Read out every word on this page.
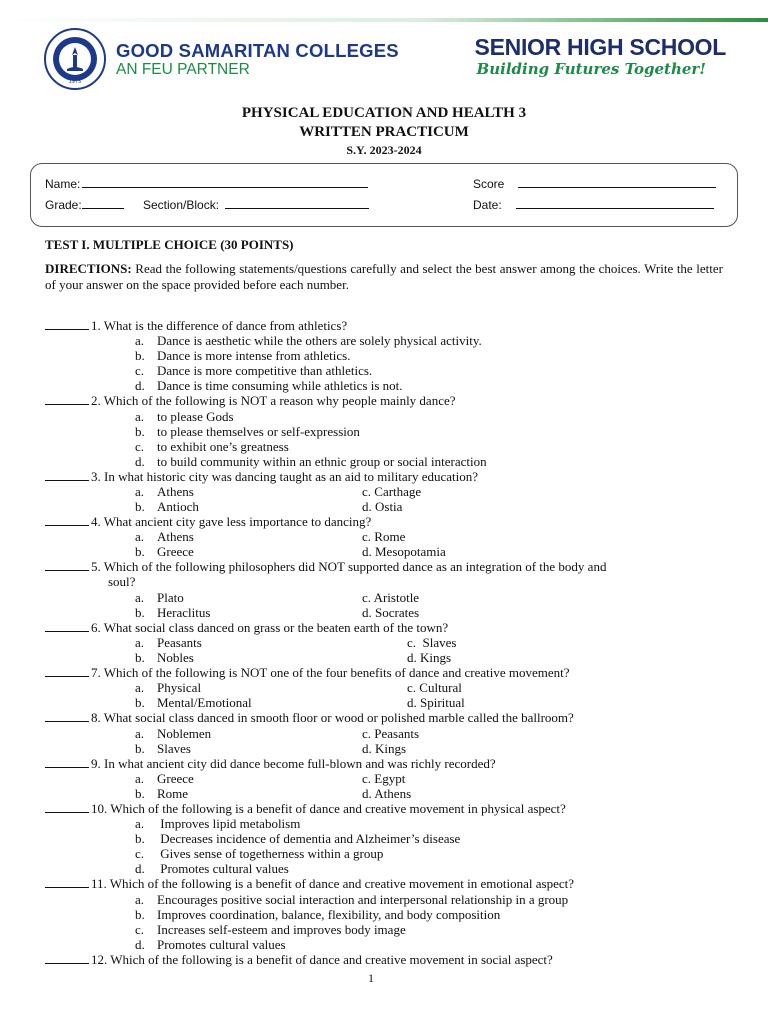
1975
GOOD SAMARITAN COLLEGES
AN FEU PARTNER
SENIOR HIGH SCHOOL
Building Futures Together!
PHYSICAL EDUCATION AND HEALTH 3
WRITTEN PRACTICUM
S.Y. 2023-2024
Name:	Score
Grade:	Section/Block:	Date:
TEST I. MULTIPLE CHOICE (30 POINTS)
DIRECTIONS: Read the following statements/questions carefully and select the best answer among the choices. Write the letter of your answer on the space provided before each number.
1. What is the difference of dance from athletics?
a. Dance is aesthetic while the others are solely physical activity.
b. Dance is more intense from athletics.
c. Dance is more competitive than athletics.
d. Dance is time consuming while athletics is not.
2. Which of the following is NOT a reason why people mainly dance?
a. to please Gods
b. to please themselves or self-expression
c. to exhibit one’s greatness
d. to build community within an ethnic group or social interaction
3. In what historic city was dancing taught as an aid to military education?
a. Athens	c. Carthage
b. Antioch	d. Ostia
4. What ancient city gave less importance to dancing?
a. Athens	c. Rome
b. Greece	d. Mesopotamia
5. Which of the following philosophers did NOT supported dance as an integration of the body and
soul?
a. Plato	c. Aristotle
b. Heraclitus	d. Socrates
6. What social class danced on grass or the beaten earth of the town?
a. Peasants	c. Slaves
b. Nobles	d. Kings
7. Which of the following is NOT one of the four benefits of dance and creative movement?
a. Physical	c. Cultural
b. Mental/Emotional	d. Spiritual
8. What social class danced in smooth floor or wood or polished marble called the ballroom?
a. Noblemen	c. Peasants
b. Slaves	d. Kings
9. In what ancient city did dance become full-blown and was richly recorded?
a. Greece	c. Egypt
b. Rome	d. Athens
10. Which of the following is a benefit of dance and creative movement in physical aspect?
a. Improves lipid metabolism
b. Decreases incidence of dementia and Alzheimer’s disease
c. Gives sense of togetherness within a group
d. Promotes cultural values
11. Which of the following is a benefit of dance and creative movement in emotional aspect?
a. Encourages positive social interaction and interpersonal relationship in a group
b. Improves coordination, balance, flexibility, and body composition
c. Increases self-esteem and improves body image
d. Promotes cultural values
12. Which of the following is a benefit of dance and creative movement in social aspect?
1
